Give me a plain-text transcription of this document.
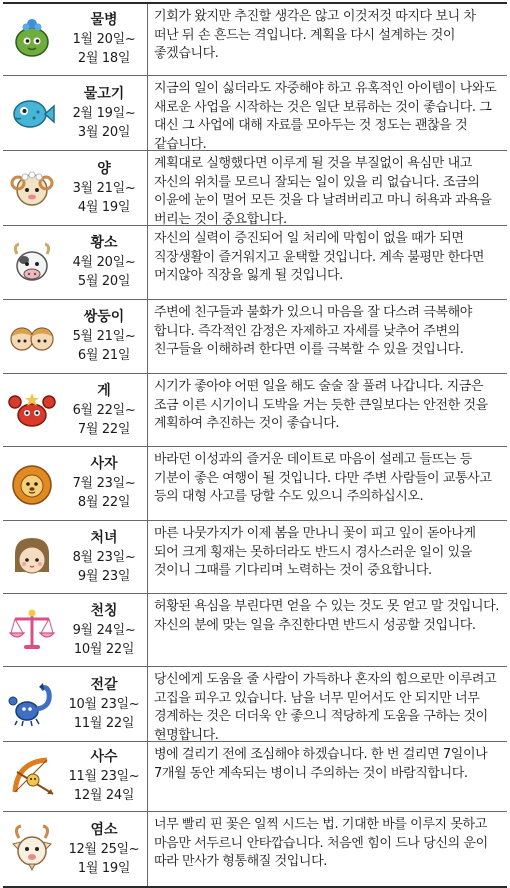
물병
1월 20일~
2월 18일
기회가 왔지만 추진할 생각은 않고 이것저것 따지다 보니 차 떠난 뒤 손 흔드는 격입니다. 계획을 다시 설계하는 것이 좋겠습니다.
물고기
2월 19일~
3월 20일
지금의 일이 싫더라도 자중해야 하고 유혹적인 아이템이 나와도 새로운 사업을 시작하는 것은 일단 보류하는 것이 좋습니다. 그 대신 그 사업에 대해 자료를 모아두는 것 정도는 괜찮을 것 같습니다.
양
3월 21일~
4월 19일
계획대로 실행했다면 이루게 될 것을 부질없이 욕심만 내고 자신의 위치를 모르니 잘되는 일이 있을 리 없습니다. 조금의 이윤에 눈이 멀어 모든 것을 다 날려버리고 마니 허욕과 과욕을 버리는 것이 중요합니다.
황소
4월 20일~
5월 20일
자신의 실력이 증진되어 일 처리에 막힘이 없을 때가 되면 직장생활이 즐거워지고 윤택할 것입니다. 계속 불평만 한다면 머지않아 직장을 잃게 될 것입니다.
쌍둥이
5월 21일~
6월 21일
주변에 친구들과 불화가 있으니 마음을 잘 다스려 극복해야 합니다. 즉각적인 감정은 자제하고 자세를 낮추어 주변의 친구들을 이해하려 한다면 이를 극복할 수 있을 것입니다.
게
6월 22일~
7월 22일
시기가 좋아야 어떤 일을 해도 술술 잘 풀려 나갑니다. 지금은 조금 이른 시기이니 도박을 거는 듯한 큰일보다는 안전한 것을 계획하여 추진하는 것이 좋습니다.
사자
7월 23일~
8월 22일
바라던 이성과의 즐거운 데이트로 마음이 설레고 들뜨는 등 기분이 좋은 여행이 될 것입니다. 다만 주변 사람들이 교통사고 등의 대형 사고를 당할 수도 있으니 주의하십시오.
처녀
8월 23일~
9월 23일
마른 나뭇가지가 이제 봄을 만나니 꽃이 피고 잎이 돋아나게 되어 크게 횡재는 못하더라도 반드시 경사스러운 일이 있을 것이니 그때를 기다리며 노력하는 것이 중요합니다.
천칭
9월 24일~
10월 22일
허황된 욕심을 부린다면 얻을 수 있는 것도 못 얻고 말 것입니다. 자신의 분에 맞는 일을 추진한다면 반드시 성공할 것입니다.
전갈
10월 23일~
11월 22일
당신에게 도움을 줄 사람이 가득하나 혼자의 힘으로만 이루려고 고집을 피우고 있습니다. 남을 너무 믿어서도 안 되지만 너무 경계하는 것은 더더욱 안 좋으니 적당하게 도움을 구하는 것이 현명합니다.
사수
11월 23일~
12월 24일
병에 걸리기 전에 조심해야 하겠습니다. 한 번 걸리면 7일이나 7개월 동안 계속되는 병이니 주의하는 것이 바람직합니다.
염소
12월 25일~
1월 19일
너무 빨리 핀 꽃은 일찍 시드는 법. 기대한 바를 이루지 못하고 마음만 서두르니 안타깝습니다. 처음엔 힘이 드나 당신의 운이 따라 만사가 형통해질 것입니다.
